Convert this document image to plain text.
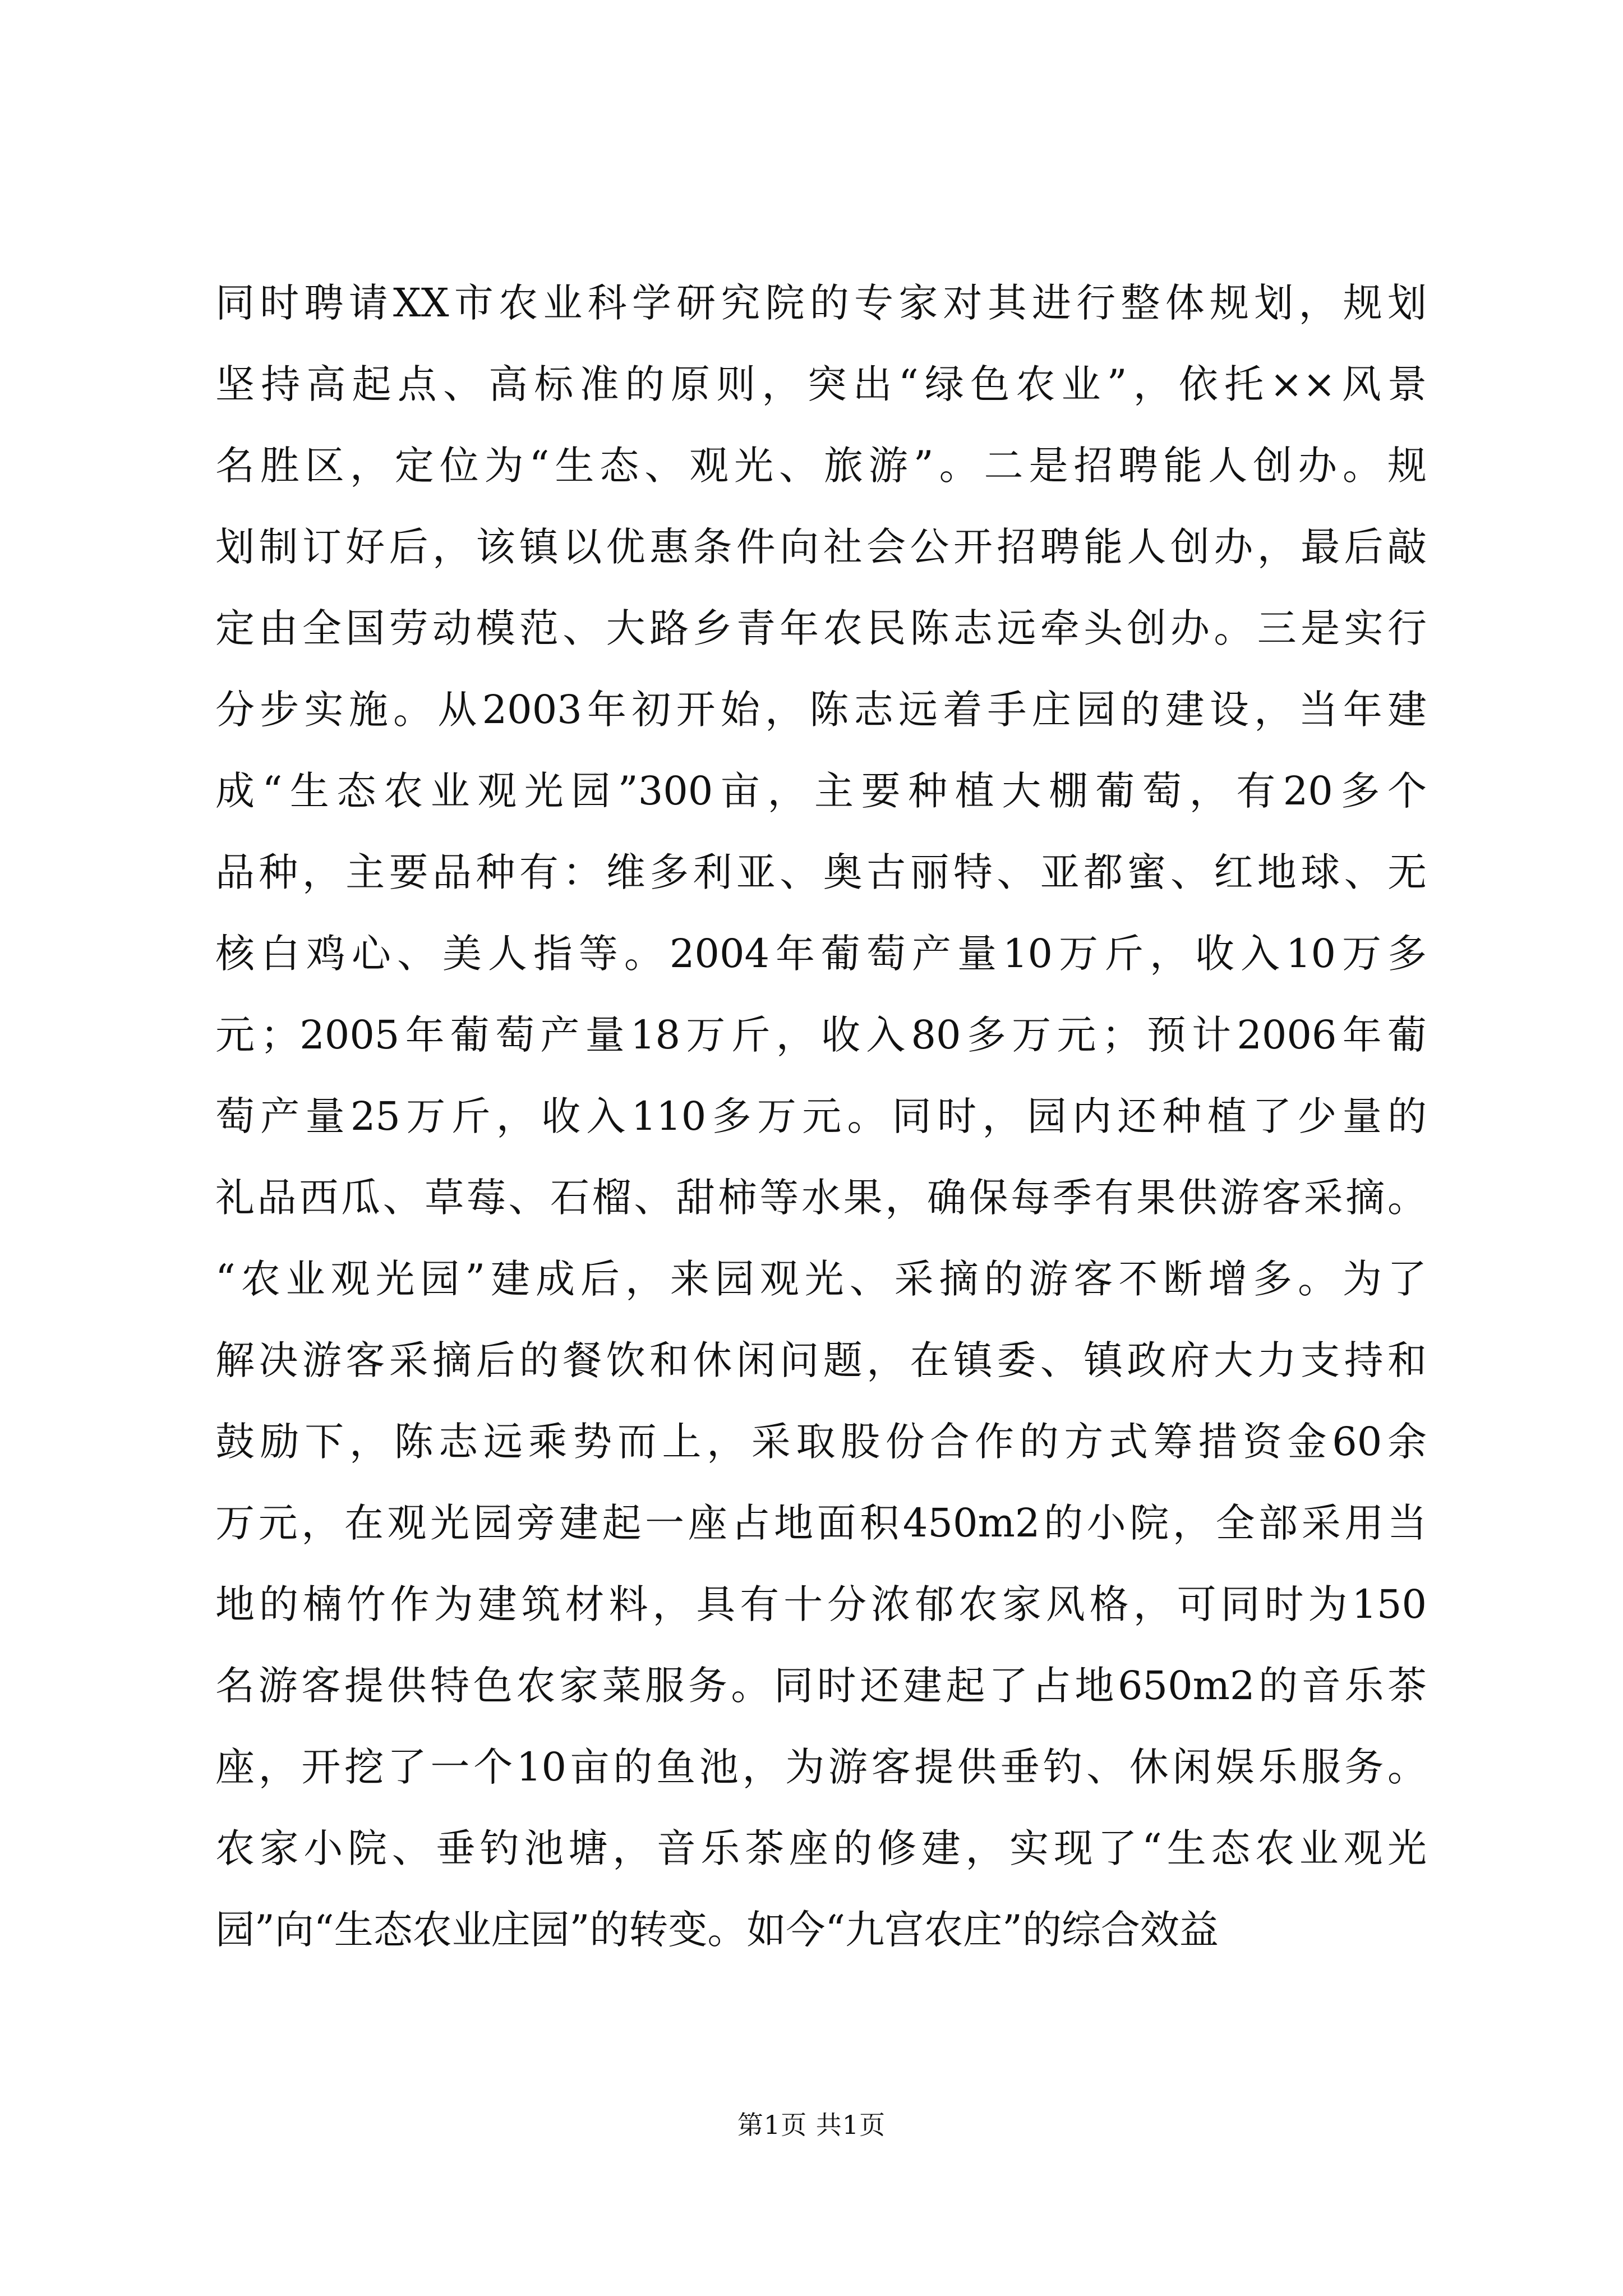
同时聘请XX市农业科学研究院的专家对其进行整体规划，规划
坚持高起点、高标准的原则，突出“绿色农业”，依托××风景
名胜区，定位为“生态、观光、旅游”。二是招聘能人创办。规
划制订好后，该镇以优惠条件向社会公开招聘能人创办，最后敲
定由全国劳动模范、大路乡青年农民陈志远牵头创办。三是实行
分步实施。从2003年初开始，陈志远着手庄园的建设，当年建
成“生态农业观光园”300亩，主要种植大棚葡萄，有20多个
品种，主要品种有：维多利亚、奥古丽特、亚都蜜、红地球、无
核白鸡心、美人指等。2004年葡萄产量10万斤，收入10万多
元；2005年葡萄产量18万斤，收入80多万元；预计2006年葡
萄产量25万斤，收入110多万元。同时，园内还种植了少量的
礼品西瓜、草莓、石榴、甜柿等水果，确保每季有果供游客采摘。
“农业观光园”建成后，来园观光、采摘的游客不断增多。为了
解决游客采摘后的餐饮和休闲问题，在镇委、镇政府大力支持和
鼓励下，陈志远乘势而上，采取股份合作的方式筹措资金60余
万元，在观光园旁建起一座占地面积450m2的小院，全部采用当
地的楠竹作为建筑材料，具有十分浓郁农家风格，可同时为150
名游客提供特色农家菜服务。同时还建起了占地650m2的音乐茶
座，开挖了一个10亩的鱼池，为游客提供垂钓、休闲娱乐服务。
农家小院、垂钓池塘，音乐茶座的修建，实现了“生态农业观光
园”向“生态农业庄园”的转变。如今“九宫农庄”的综合效益
第1页 共1页
